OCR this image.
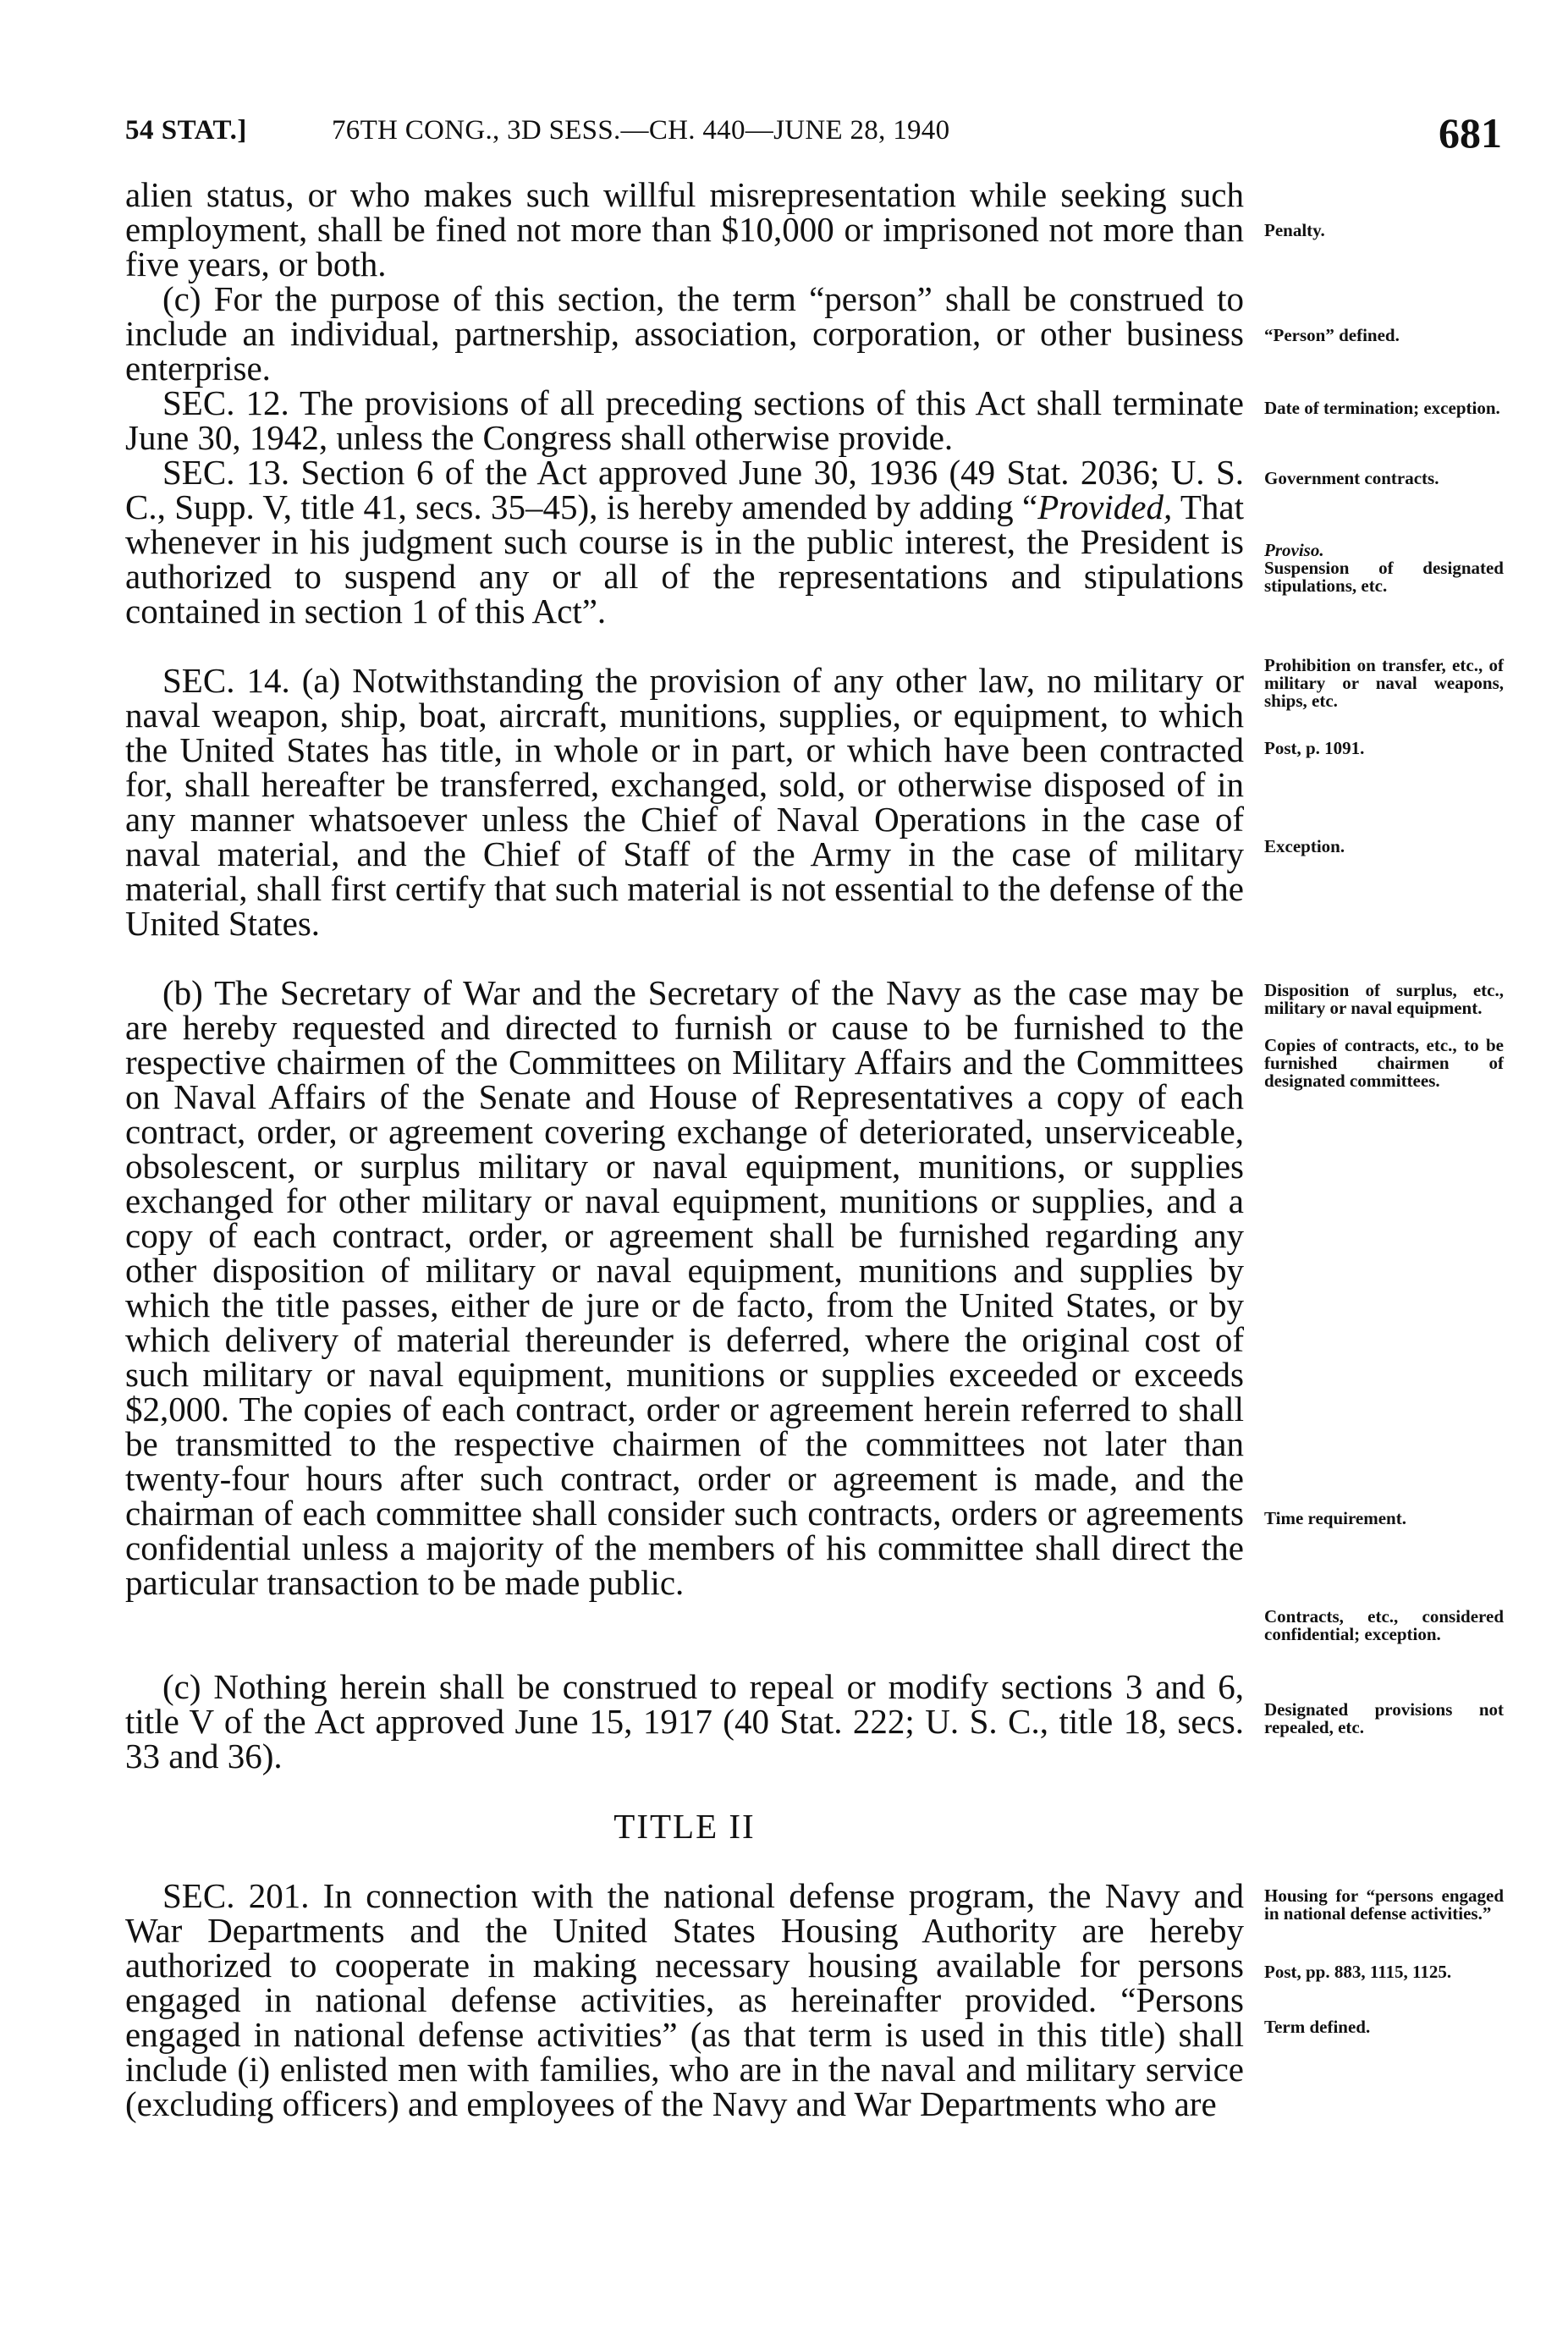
54 STAT.]	76TH CONG., 3D SESS.—CH. 440—JUNE 28, 1940	681

alien status, or who makes such willful misrepresentation while seeking such employment, shall be fined not more than $10,000 or imprisoned not more than five years, or both.

(c) For the purpose of this section, the term “person” shall be construed to include an individual, partnership, association, corporation, or other business enterprise.

SEC. 12. The provisions of all preceding sections of this Act shall terminate June 30, 1942, unless the Congress shall otherwise provide.

SEC. 13. Section 6 of the Act approved June 30, 1936 (49 Stat. 2036; U. S. C., Supp. V, title 41, secs. 35–45), is hereby amended by adding “Provided, That whenever in his judgment such course is in the public interest, the President is authorized to suspend any or all of the representations and stipulations contained in section 1 of this Act”.

SEC. 14. (a) Notwithstanding the provision of any other law, no military or naval weapon, ship, boat, aircraft, munitions, supplies, or equipment, to which the United States has title, in whole or in part, or which have been contracted for, shall hereafter be transferred, exchanged, sold, or otherwise disposed of in any manner whatsoever unless the Chief of Naval Operations in the case of naval material, and the Chief of Staff of the Army in the case of military material, shall first certify that such material is not essential to the defense of the United States.

(b) The Secretary of War and the Secretary of the Navy as the case may be are hereby requested and directed to furnish or cause to be furnished to the respective chairmen of the Committees on Military Affairs and the Committees on Naval Affairs of the Senate and House of Representatives a copy of each contract, order, or agreement covering exchange of deteriorated, unserviceable, obsolescent, or surplus military or naval equipment, munitions, or supplies exchanged for other military or naval equipment, munitions or supplies, and a copy of each contract, order, or agreement shall be furnished regarding any other disposition of military or naval equipment, munitions and supplies by which the title passes, either de jure or de facto, from the United States, or by which delivery of material thereunder is deferred, where the original cost of such military or naval equipment, munitions or supplies exceeded or exceeds $2,000. The copies of each contract, order or agreement herein referred to shall be transmitted to the respective chairmen of the committees not later than twenty-four hours after such contract, order or agreement is made, and the chairman of each committee shall consider such contracts, orders or agreements confidential unless a majority of the members of his committee shall direct the particular transaction to be made public.

(c) Nothing herein shall be construed to repeal or modify sections 3 and 6, title V of the Act approved June 15, 1917 (40 Stat. 222; U. S. C., title 18, secs. 33 and 36).

TITLE II

SEC. 201. In connection with the national defense program, the Navy and War Departments and the United States Housing Authority are hereby authorized to cooperate in making necessary housing available for persons engaged in national defense activities, as hereinafter provided. “Persons engaged in national defense activities” (as that term is used in this title) shall include (i) enlisted men with families, who are in the naval and military service (excluding officers) and employees of the Navy and War Departments who are

Penalty.
“Person” defined.
Date of termination; exception.
Government contracts.
Proviso.
Suspension of designated stipulations, etc.
Prohibition on transfer, etc., of military or naval weapons, ships, etc.
Post, p. 1091.
Exception.
Disposition of surplus, etc., military or naval equipment.
Copies of contracts, etc., to be furnished chairmen of designated committees.
Time requirement.
Contracts, etc., considered confidential; exception.
Designated provisions not repealed, etc.
Housing for “persons engaged in national defense activities.”
Post, pp. 883, 1115, 1125.
Term defined.
